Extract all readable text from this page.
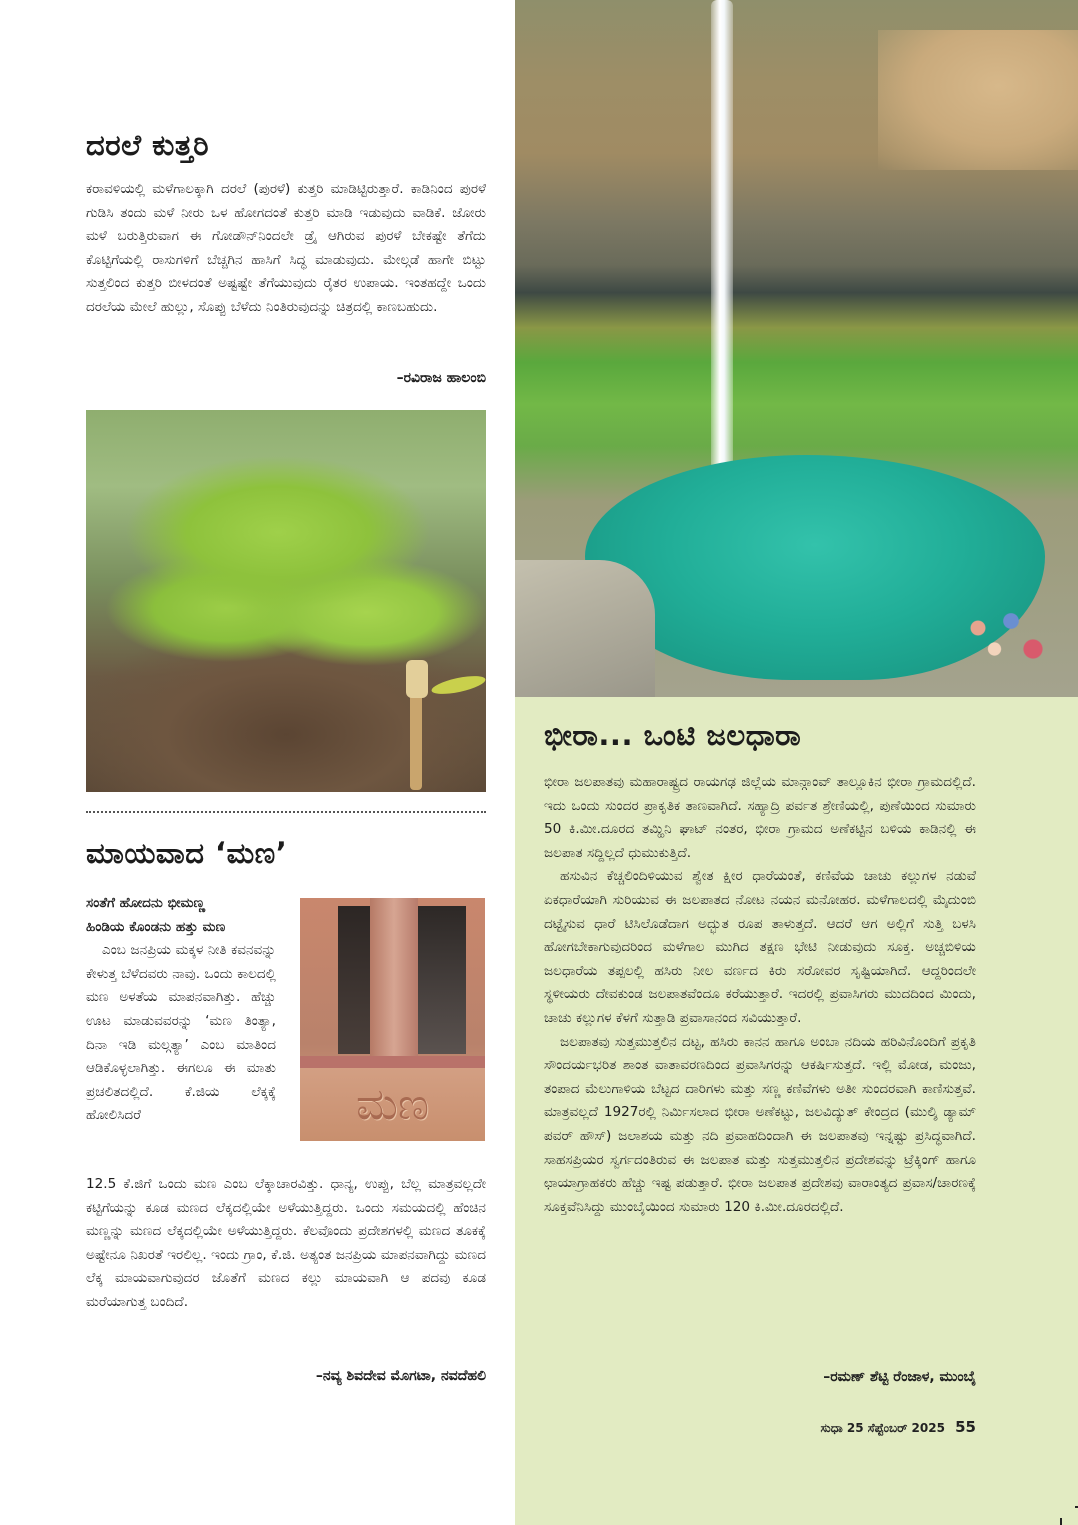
ದರಲೆ ಕುತ್ತರಿ

ಕರಾವಳಿಯಲ್ಲಿ ಮಳೆಗಾಲಕ್ಕಾಗಿ ದರಲೆ (ಪುರಳೆ) ಕುತ್ತರಿ ಮಾಡಿಟ್ಟಿರುತ್ತಾರೆ. ಕಾಡಿನಿಂದ ಪುರಳೆ ಗುಡಿಸಿ ತಂದು ಮಳೆ ನೀರು ಒಳ ಹೋಗದಂತೆ ಕುತ್ತರಿ ಮಾಡಿ ಇಡುವುದು ವಾಡಿಕೆ. ಜೋರು ಮಳೆ ಬರುತ್ತಿರುವಾಗ ಈ ಗೋಡೌನ್‌ನಿಂದಲೇ ಡ್ರೈ ಆಗಿರುವ ಪುರಳೆ ಬೇಕಷ್ಟೇ ತೆಗೆದು ಕೊಟ್ಟಿಗೆಯಲ್ಲಿ ರಾಸುಗಳಿಗೆ ಬೆಚ್ಚಗಿನ ಹಾಸಿಗೆ ಸಿದ್ಧ ಮಾಡುವುದು. ಮೇಲ್ಗಡೆ ಹಾಗೇ ಬಿಟ್ಟು ಸುತ್ತಲಿಂದ ಕುತ್ತರಿ ಬೀಳದಂತೆ ಅಷ್ಟಷ್ಟೇ ತೆಗೆಯುವುದು ರೈತರ ಉಪಾಯ. ಇಂತಹದ್ದೇ ಒಂದು ದರಲೆಯ ಮೇಲೆ ಹುಲ್ಲು, ಸೊಪ್ಪು ಬೆಳೆದು ನಿಂತಿರುವುದನ್ನು ಚಿತ್ರದಲ್ಲಿ ಕಾಣಬಹುದು.

–ರವಿರಾಜ ಹಾಲಂಬಿ
ಮಾಯವಾದ ‘ಮಣ’

ಸಂತೆಗೆ ಹೋದನು ಭೀಮಣ್ಣ

ಹಿಂಡಿಯ ಕೊಂಡನು ಹತ್ತು ಮಣ

ಎಂಬ ಜನಪ್ರಿಯ ಮಕ್ಕಳ ನೀತಿ ಕವನವನ್ನು ಕೇಳುತ್ತ ಬೆಳೆದವರು ನಾವು. ಒಂದು ಕಾಲದಲ್ಲಿ ಮಣ ಅಳತೆಯ ಮಾಪನವಾಗಿತ್ತು. ಹೆಚ್ಚು ಊಟ ಮಾಡುವವರನ್ನು ‘ಮಣ ತಿಂತ್ಯಾ, ದಿನಾ ಇಡಿ ಮಲ್ಗತ್ಯಾ’ ಎಂಬ ಮಾತಿಂದ ಆಡಿಕೊಳ್ಳಲಾಗಿತ್ತು. ಈಗಲೂ ಈ ಮಾತು ಪ್ರಚಲಿತದಲ್ಲಿದೆ. ಕೆ.ಜಿಯ ಲೆಕ್ಕಕ್ಕೆ ಹೋಲಿಸಿದರೆ	ಮಣ

12.5 ಕೆ.ಜಿಗೆ ಒಂದು ಮಣ ಎಂಬ ಲೆಕ್ಕಾಚಾರವಿತ್ತು. ಧಾನ್ಯ, ಉಪ್ಪು, ಬೆಲ್ಲ ಮಾತ್ರವಲ್ಲದೇ ಕಟ್ಟಿಗೆಯನ್ನು ಕೂಡ ಮಣದ ಲೆಕ್ಕದಲ್ಲಿಯೇ ಅಳೆಯುತ್ತಿದ್ದರು. ಒಂದು ಸಮಯದಲ್ಲಿ ಹೆಂಚಿನ ಮಣ್ಣನ್ನು ಮಣದ ಲೆಕ್ಕದಲ್ಲಿಯೇ ಅಳೆಯುತ್ತಿದ್ದರು. ಕೆಲವೊಂದು ಪ್ರದೇಶಗಳಲ್ಲಿ ಮಣದ ತೂಕಕ್ಕೆ ಅಷ್ಟೇನೂ ನಿಖರತೆ ಇರಲಿಲ್ಲ. ಇಂದು ಗ್ರಾಂ, ಕೆ.ಜಿ. ಅತ್ಯಂತ ಜನಪ್ರಿಯ ಮಾಪನವಾಗಿದ್ದು ಮಣದ ಲೆಕ್ಕ ಮಾಯವಾಗುವುದರ ಜೊತೆಗೆ ಮಣದ ಕಲ್ಲು ಮಾಯವಾಗಿ ಆ ಪದವು ಕೂಡ ಮರೆಯಾಗುತ್ತ ಬಂದಿದೆ.

–ನವ್ಯ ಶಿವದೇವ ಮೊಗಟಾ, ನವದೆಹಲಿ
ಭೀರಾ... ಒಂಟಿ ಜಲಧಾರಾ

ಭೀರಾ ಜಲಪಾತವು ಮಹಾರಾಷ್ಟ್ರದ ರಾಯಗಢ ಜಿಲ್ಲೆಯ ಮಾನ್ಗಾಂವ್ ತಾಲ್ಲೂಕಿನ ಭೀರಾ ಗ್ರಾಮದಲ್ಲಿದೆ. ಇದು ಒಂದು ಸುಂದರ ಪ್ರಾಕೃತಿಕ ತಾಣವಾಗಿದೆ. ಸಹ್ಯಾದ್ರಿ ಪರ್ವತ ಶ್ರೇಣಿಯಲ್ಲಿ, ಪುಣೆಯಿಂದ ಸುಮಾರು 50 ಕಿ.ಮೀ.ದೂರದ ತಮ್ಹಿನಿ ಘಾಟ್ ನಂತರ, ಭೀರಾ ಗ್ರಾಮದ ಅಣೆಕಟ್ಟಿನ ಬಳಿಯ ಕಾಡಿನಲ್ಲಿ ಈ ಜಲಪಾತ ಸದ್ದಿಲ್ಲದೆ ಧುಮುಕುತ್ತಿದೆ.

ಹಸುವಿನ ಕೆಚ್ಚಲಿಂದಿಳಿಯುವ ಶ್ವೇತ ಕ್ಷೀರ ಧಾರೆಯಂತೆ, ಕಣಿವೆಯ ಚಾಚು ಕಲ್ಲುಗಳ ನಡುವೆ ಏಕಧಾರೆಯಾಗಿ ಸುರಿಯುವ ಈ ಜಲಪಾತದ ನೋಟ ನಯನ ಮನೋಹರ. ಮಳೆಗಾಲದಲ್ಲಿ ಮೈದುಂಬಿ ದಟ್ಟೈಸುವ ಧಾರೆ ಟಿಸಿಲೊಡೆದಾಗ ಅದ್ಭುತ ರೂಪ ತಾಳುತ್ತದೆ. ಆದರೆ ಆಗ ಅಲ್ಲಿಗೆ ಸುತ್ತಿ ಬಳಸಿ ಹೋಗಬೇಕಾಗುವುದರಿಂದ ಮಳೆಗಾಲ ಮುಗಿದ ತಕ್ಷಣ ಭೇಟಿ ನೀಡುವುದು ಸೂಕ್ತ. ಅಚ್ಚಬಿಳಿಯ ಜಲಧಾರೆಯ ತಪ್ಪಲಲ್ಲಿ ಹಸಿರು ನೀಲ ವರ್ಣದ ಕಿರು ಸರೋವರ ಸೃಷ್ಟಿಯಾಗಿದೆ. ಆದ್ದರಿಂದಲೇ ಸ್ಥಳೀಯರು ದೇವಕುಂಡ ಜಲಪಾತವೆಂದೂ ಕರೆಯುತ್ತಾರೆ. ಇದರಲ್ಲಿ ಪ್ರವಾಸಿಗರು ಮುದದಿಂದ ಮಿಂದು, ಚಾಚು ಕಲ್ಲುಗಳ ಕೆಳಗೆ ಸುತ್ತಾಡಿ ಪ್ರವಾಸಾನಂದ ಸವಿಯುತ್ತಾರೆ.

ಜಲಪಾತವು ಸುತ್ತಮುತ್ತಲಿನ ದಟ್ಟ, ಹಸಿರು ಕಾನನ ಹಾಗೂ ಅಂಬಾ ನದಿಯ ಹರಿವಿನೊಂದಿಗೆ ಪ್ರಕೃತಿ ಸೌಂದರ್ಯಭರಿತ ಶಾಂತ ವಾತಾವರಣದಿಂದ ಪ್ರವಾಸಿಗರನ್ನು ಆಕರ್ಷಿಸುತ್ತದೆ. ಇಲ್ಲಿ ಮೋಡ, ಮಂಜು, ತಂಪಾದ ಮೆಲುಗಾಳಿಯ ಬೆಟ್ಟದ ದಾರಿಗಳು ಮತ್ತು ಸಣ್ಣ ಕಣಿವೆಗಳು ಅತೀ ಸುಂದರವಾಗಿ ಕಾಣಿಸುತ್ತವೆ. ಮಾತ್ರವಲ್ಲದೆ 1927ರಲ್ಲಿ ನಿರ್ಮಿಸಲಾದ ಭೀರಾ ಅಣೆಕಟ್ಟು, ಜಲವಿದ್ಯುತ್ ಕೇಂದ್ರದ (ಮುಲ್ಶಿ ಡ್ಯಾಮ್ ಪವರ್ ಹೌಸ್) ಜಲಾಶಯ ಮತ್ತು ನದಿ ಪ್ರವಾಹದಿಂದಾಗಿ ಈ ಜಲಪಾತವು ಇನ್ನಷ್ಟು ಪ್ರಸಿದ್ಧವಾಗಿದೆ. ಸಾಹಸಪ್ರಿಯರ ಸ್ವರ್ಗದಂತಿರುವ ಈ ಜಲಪಾತ ಮತ್ತು ಸುತ್ತಮುತ್ತಲಿನ ಪ್ರದೇಶವನ್ನು ಟ್ರೆಕ್ಕಿಂಗ್ ಹಾಗೂ ಛಾಯಾಗ್ರಾಹಕರು ಹೆಚ್ಚು ಇಷ್ಟ ಪಡುತ್ತಾರೆ. ಭೀರಾ ಜಲಪಾತ ಪ್ರದೇಶವು ವಾರಾಂತ್ಯದ ಪ್ರವಾಸ/ಚಾರಣಕ್ಕೆ ಸೂಕ್ತವೆನಿಸಿದ್ದು ಮುಂಬೈಯಿಂದ ಸುಮಾರು 120 ಕಿ.ಮೀ.ದೂರದಲ್ಲಿದೆ.

–ರಮಣ್ ಶೆಟ್ಟಿ ರೆಂಜಾಳ, ಮುಂಬೈ
ಸುಧಾ 25 ಸೆಪ್ಟೆಂಬರ್ 2025 55
